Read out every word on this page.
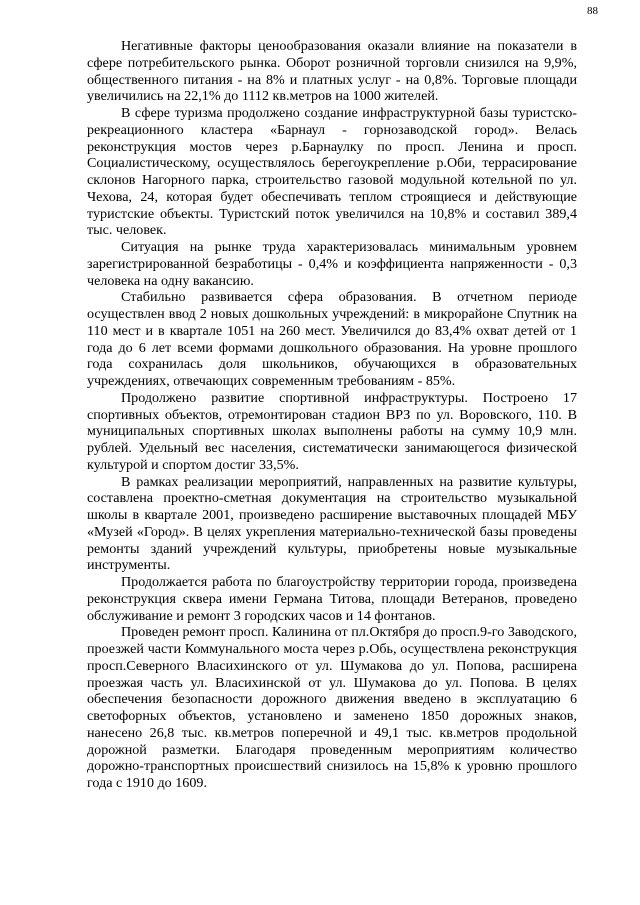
88

Негативные факторы ценообразования оказали влияние на показатели в сфере потребительского рынка. Оборот розничной торговли снизился на 9,9%, общественного питания - на 8% и платных услуг - на 0,8%. Торговые площади увеличились на 22,1% до 1112 кв.метров на 1000 жителей.

В сфере туризма продолжено создание инфраструктурной базы туристско-рекреационного кластера «Барнаул - горнозаводской город». Велась реконструкция мостов через р.Барнаулку по просп. Ленина и просп. Социалистическому, осуществлялось берегоукрепление р.Оби, террасирование склонов Нагорного парка, строительство газовой модульной котельной по ул. Чехова, 24, которая будет обеспечивать теплом строящиеся и действующие туристские объекты. Туристский поток увеличился на 10,8% и составил 389,4 тыс. человек.

Ситуация на рынке труда характеризовалась минимальным уровнем зарегистрированной безработицы - 0,4% и коэффициента напряженности - 0,3 человека на одну вакансию.

Стабильно развивается сфера образования. В отчетном периоде осуществлен ввод 2 новых дошкольных учреждений: в микрорайоне Спутник на 110 мест и в квартале 1051 на 260 мест. Увеличился до 83,4% охват детей от 1 года до 6 лет всеми формами дошкольного образования. На уровне прошлого года сохранилась доля школьников, обучающихся в образовательных учреждениях, отвечающих современным требованиям - 85%.

Продолжено развитие спортивной инфраструктуры. Построено 17 спортивных объектов, отремонтирован стадион ВРЗ по ул. Воровского, 110. В муниципальных спортивных школах выполнены работы на сумму 10,9 млн. рублей. Удельный вес населения, систематически занимающегося физической культурой и спортом достиг 33,5%.

В рамках реализации мероприятий, направленных на развитие культуры, составлена проектно-сметная документация на строительство музыкальной школы в квартале 2001, произведено расширение выставочных площадей МБУ «Музей «Город». В целях укрепления материально-технической базы проведены ремонты зданий учреждений культуры, приобретены новые музыкальные инструменты.

Продолжается работа по благоустройству территории города, произведена реконструкция сквера имени Германа Титова, площади Ветеранов, проведено обслуживание и ремонт 3 городских часов и 14 фонтанов.

Проведен ремонт просп. Калинина от пл.Октября до просп.9-го Заводского, проезжей части Коммунального моста через р.Обь, осуществлена реконструкция просп.Северного Власихинского от ул. Шумакова до ул. Попова, расширена проезжая часть ул. Власихинской от ул. Шумакова до ул. Попова. В целях обеспечения безопасности дорожного движения введено в эксплуатацию 6 светофорных объектов, установлено и заменено 1850 дорожных знаков, нанесено 26,8 тыс. кв.метров поперечной и 49,1 тыс. кв.метров продольной дорожной разметки. Благодаря проведенным мероприятиям количество дорожно-транспортных происшествий снизилось на 15,8% к уровню прошлого года с 1910 до 1609.
